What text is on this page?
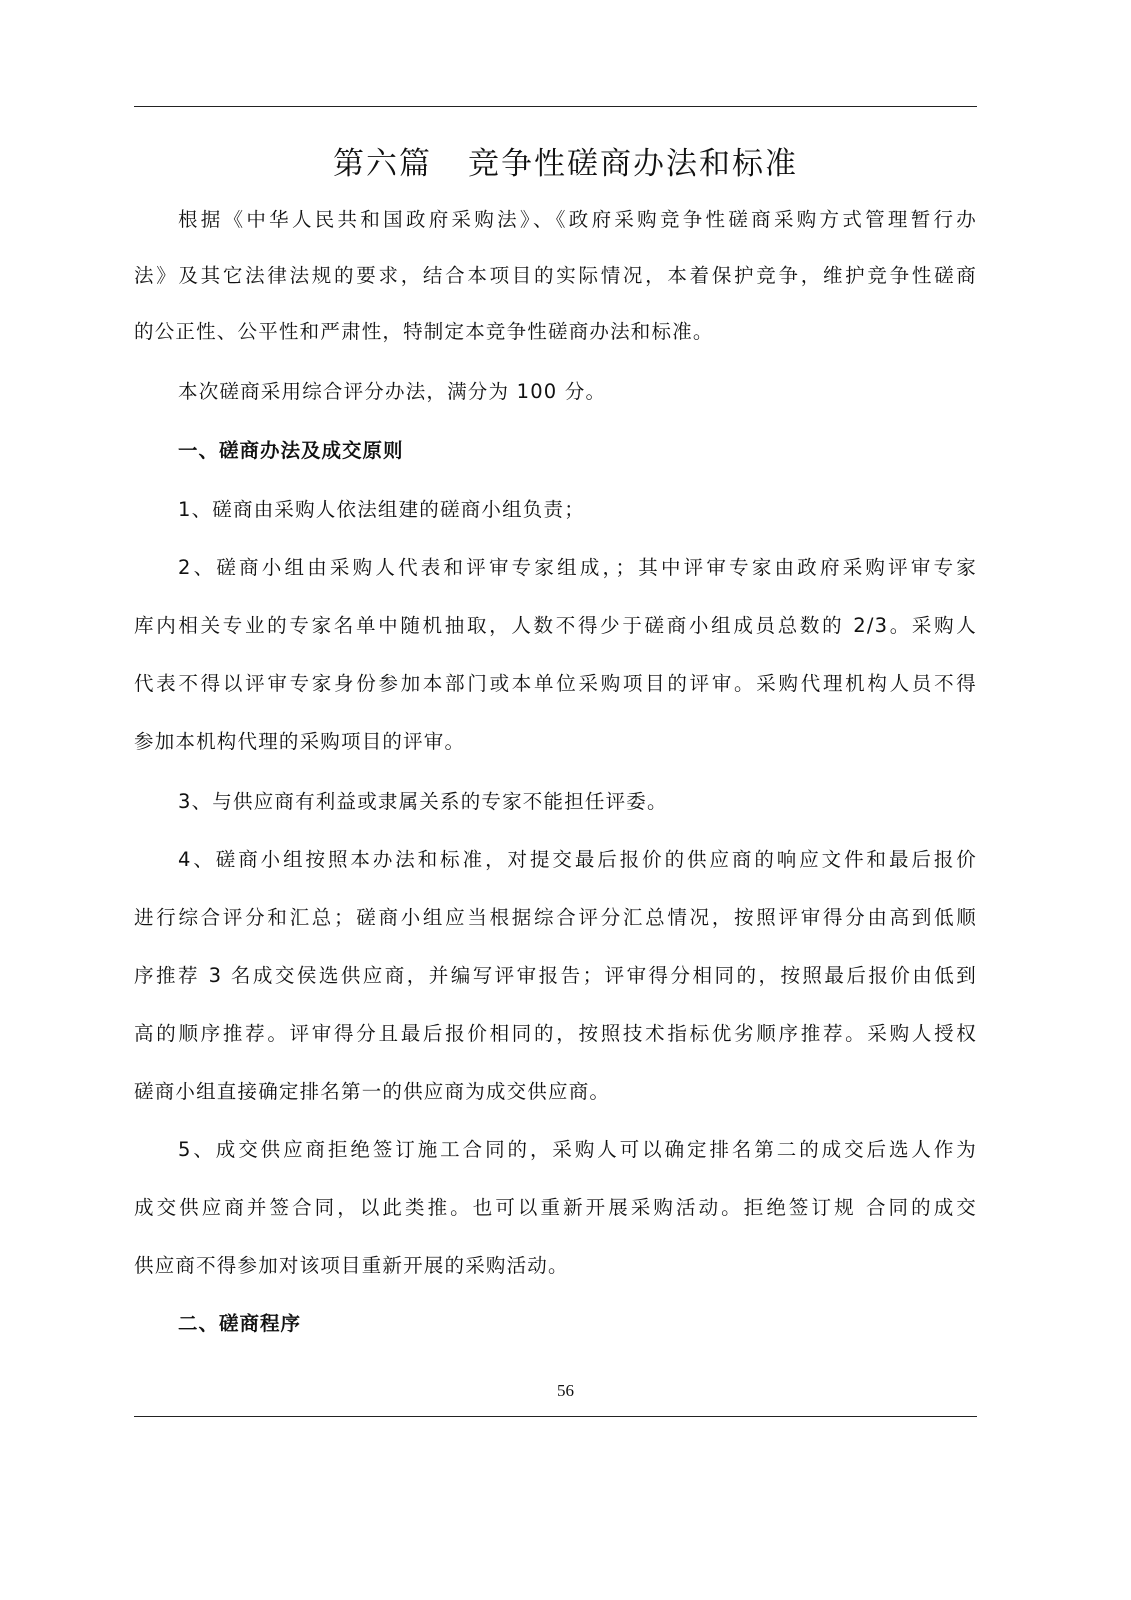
第六篇 竞争性磋商办法和标准
根据《中华人民共和国政府采购法》、《政府采购竞争性磋商采购方式管理暂行办
法》及其它法律法规的要求，结合本项目的实际情况，本着保护竞争，维护竞争性磋商
的公正性、公平性和严肃性，特制定本竞争性磋商办法和标准。
本次磋商采用综合评分办法，满分为 100 分。
一、磋商办法及成交原则
1、磋商由采购人依法组建的磋商小组负责；
2、磋商小组由采购人代表和评审专家组成，；其中评审专家由政府采购评审专家
库内相关专业的专家名单中随机抽取，人数不得少于磋商小组成员总数的 2/3。采购人
代表不得以评审专家身份参加本部门或本单位采购项目的评审。采购代理机构人员不得
参加本机构代理的采购项目的评审。
3、与供应商有利益或隶属关系的专家不能担任评委。
4、磋商小组按照本办法和标准，对提交最后报价的供应商的响应文件和最后报价
进行综合评分和汇总；磋商小组应当根据综合评分汇总情况，按照评审得分由高到低顺
序推荐 3 名成交侯选供应商，并编写评审报告；评审得分相同的，按照最后报价由低到
高的顺序推荐。评审得分且最后报价相同的，按照技术指标优劣顺序推荐。采购人授权
磋商小组直接确定排名第一的供应商为成交供应商。
5、成交供应商拒绝签订施工合同的，采购人可以确定排名第二的成交后选人作为
成交供应商并签合同，以此类推。也可以重新开展采购活动。拒绝签订规 合同的成交
供应商不得参加对该项目重新开展的采购活动。
二、磋商程序
56
